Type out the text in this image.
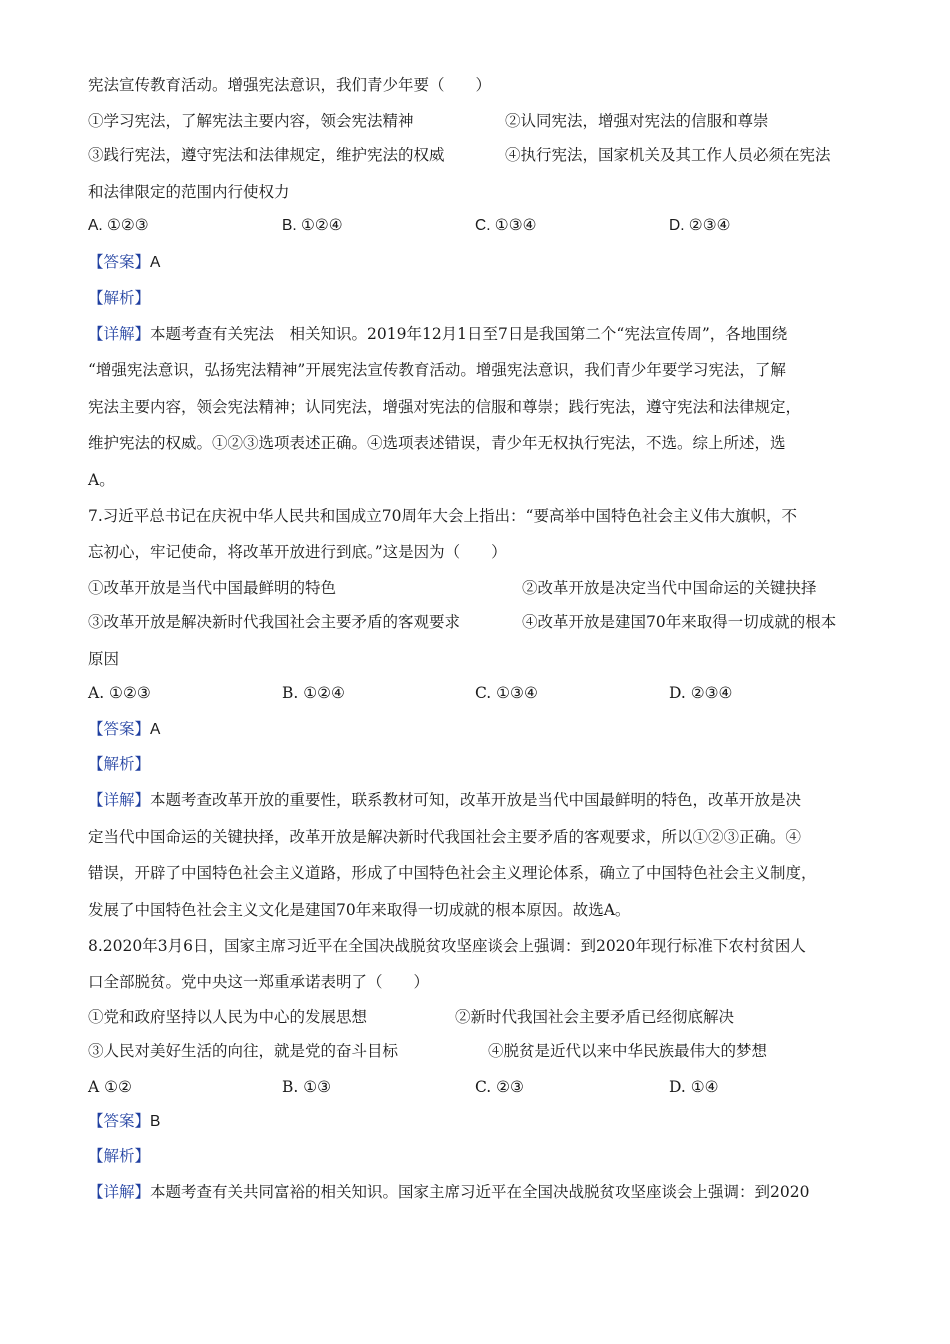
宪法宣传教育活动。增强宪法意识，我们青少年要（　　）
①学习宪法，了解宪法主要内容，领会宪法精神	②认同宪法，增强对宪法的信服和尊崇
③践行宪法，遵守宪法和法律规定，维护宪法的权威	④执行宪法，国家机关及其工作人员必须在宪法
和法律限定的范围内行使权力
A. ①②③	B. ①②④	C. ①③④	D. ②③④
【答案】A
【解析】
【详解】本题考查有关宪法　相关知识。2019年12月1日至7日是我国第二个“宪法宣传周”，各地围绕
“增强宪法意识，弘扬宪法精神”开展宪法宣传教育活动。增强宪法意识，我们青少年要学习宪法，了解
宪法主要内容，领会宪法精神；认同宪法，增强对宪法的信服和尊崇；践行宪法，遵守宪法和法律规定，
维护宪法的权威。①②③选项表述正确。④选项表述错误，青少年无权执行宪法，不选。综上所述，选
A。
7.习近平总书记在庆祝中华人民共和国成立70周年大会上指出：“要高举中国特色社会主义伟大旗帜，不
忘初心，牢记使命，将改革开放进行到底。”这是因为（　　）
①改革开放是当代中国最鲜明的特色	②改革开放是决定当代中国命运的关键抉择
③改革开放是解决新时代我国社会主要矛盾的客观要求	④改革开放是建国70年来取得一切成就的根本
原因
A. ①②③	B. ①②④	C. ①③④	D. ②③④
【答案】A
【解析】
【详解】本题考查改革开放的重要性，联系教材可知，改革开放是当代中国最鲜明的特色，改革开放是决
定当代中国命运的关键抉择，改革开放是解决新时代我国社会主要矛盾的客观要求，所以①②③正确。④
错误，开辟了中国特色社会主义道路，形成了中国特色社会主义理论体系，确立了中国特色社会主义制度，
发展了中国特色社会主义文化是建国70年来取得一切成就的根本原因。故选A。
8.2020年3月6日，国家主席习近平在全国决战脱贫攻坚座谈会上强调：到2020年现行标准下农村贫困人
口全部脱贫。党中央这一郑重承诺表明了（　　）
①党和政府坚持以人民为中心的发展思想	②新时代我国社会主要矛盾已经彻底解决
③人民对美好生活的向往，就是党的奋斗目标	④脱贫是近代以来中华民族最伟大的梦想
A ①②	B. ①③	C. ②③	D. ①④
【答案】B
【解析】
【详解】本题考查有关共同富裕的相关知识。国家主席习近平在全国决战脱贫攻坚座谈会上强调：到2020
